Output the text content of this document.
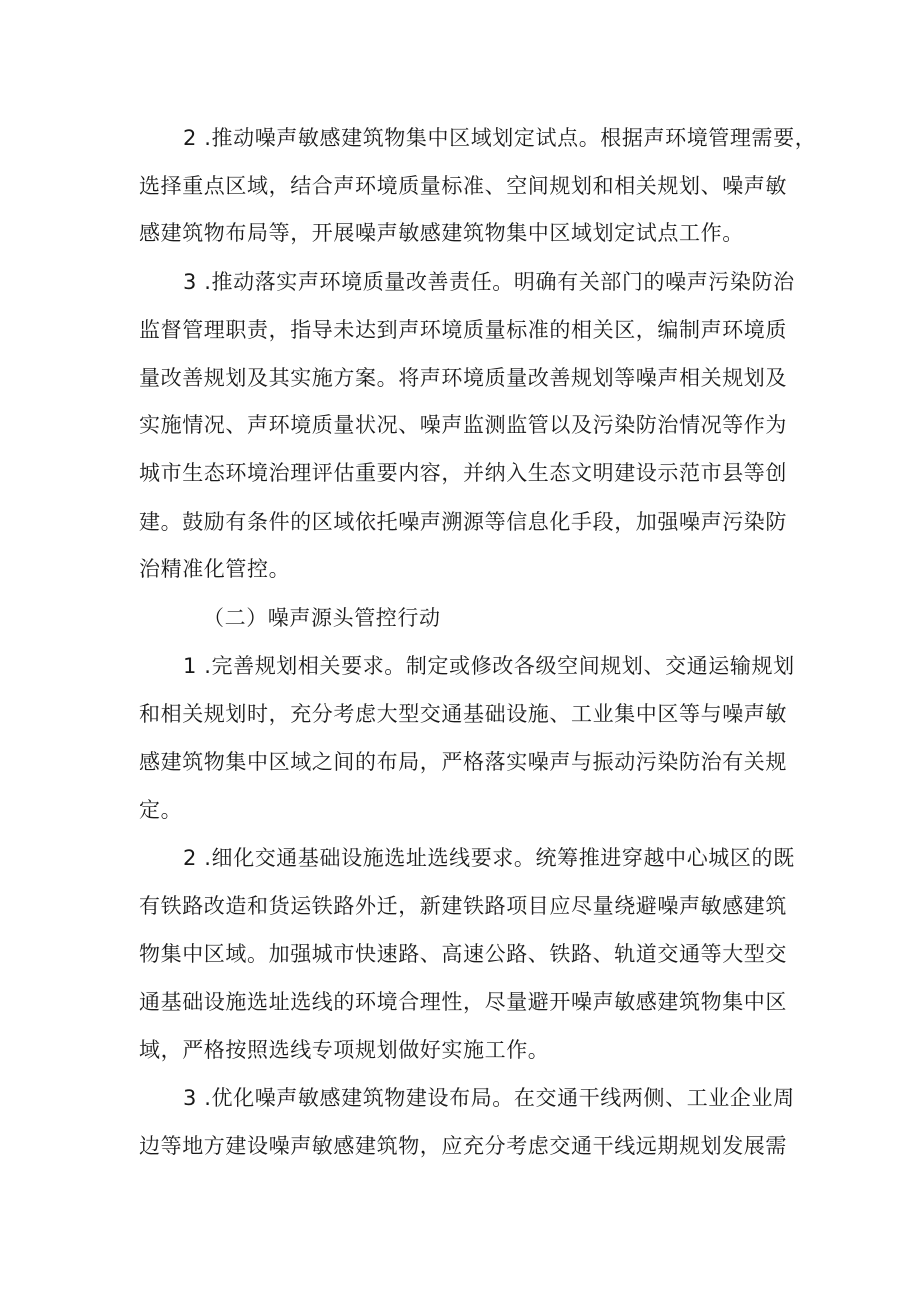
2 .推动噪声敏感建筑物集中区域划定试点。根据声环境管理需要，
选择重点区域，结合声环境质量标准、空间规划和相关规划、噪声敏
感建筑物布局等，开展噪声敏感建筑物集中区域划定试点工作。
3 .推动落实声环境质量改善责任。明确有关部门的噪声污染防治
监督管理职责，指导未达到声环境质量标准的相关区，编制声环境质
量改善规划及其实施方案。将声环境质量改善规划等噪声相关规划及
实施情况、声环境质量状况、噪声监测监管以及污染防治情况等作为
城市生态环境治理评估重要内容，并纳入生态文明建设示范市县等创
建。鼓励有条件的区域依托噪声溯源等信息化手段，加强噪声污染防
治精准化管控。
（二）噪声源头管控行动
1 .完善规划相关要求。制定或修改各级空间规划、交通运输规划
和相关规划时，充分考虑大型交通基础设施、工业集中区等与噪声敏
感建筑物集中区域之间的布局，严格落实噪声与振动污染防治有关规
定。
2 .细化交通基础设施选址选线要求。统筹推进穿越中心城区的既
有铁路改造和货运铁路外迁，新建铁路项目应尽量绕避噪声敏感建筑
物集中区域。加强城市快速路、高速公路、铁路、轨道交通等大型交
通基础设施选址选线的环境合理性，尽量避开噪声敏感建筑物集中区
域，严格按照选线专项规划做好实施工作。
3 .优化噪声敏感建筑物建设布局。在交通干线两侧、工业企业周
边等地方建设噪声敏感建筑物，应充分考虑交通干线远期规划发展需
